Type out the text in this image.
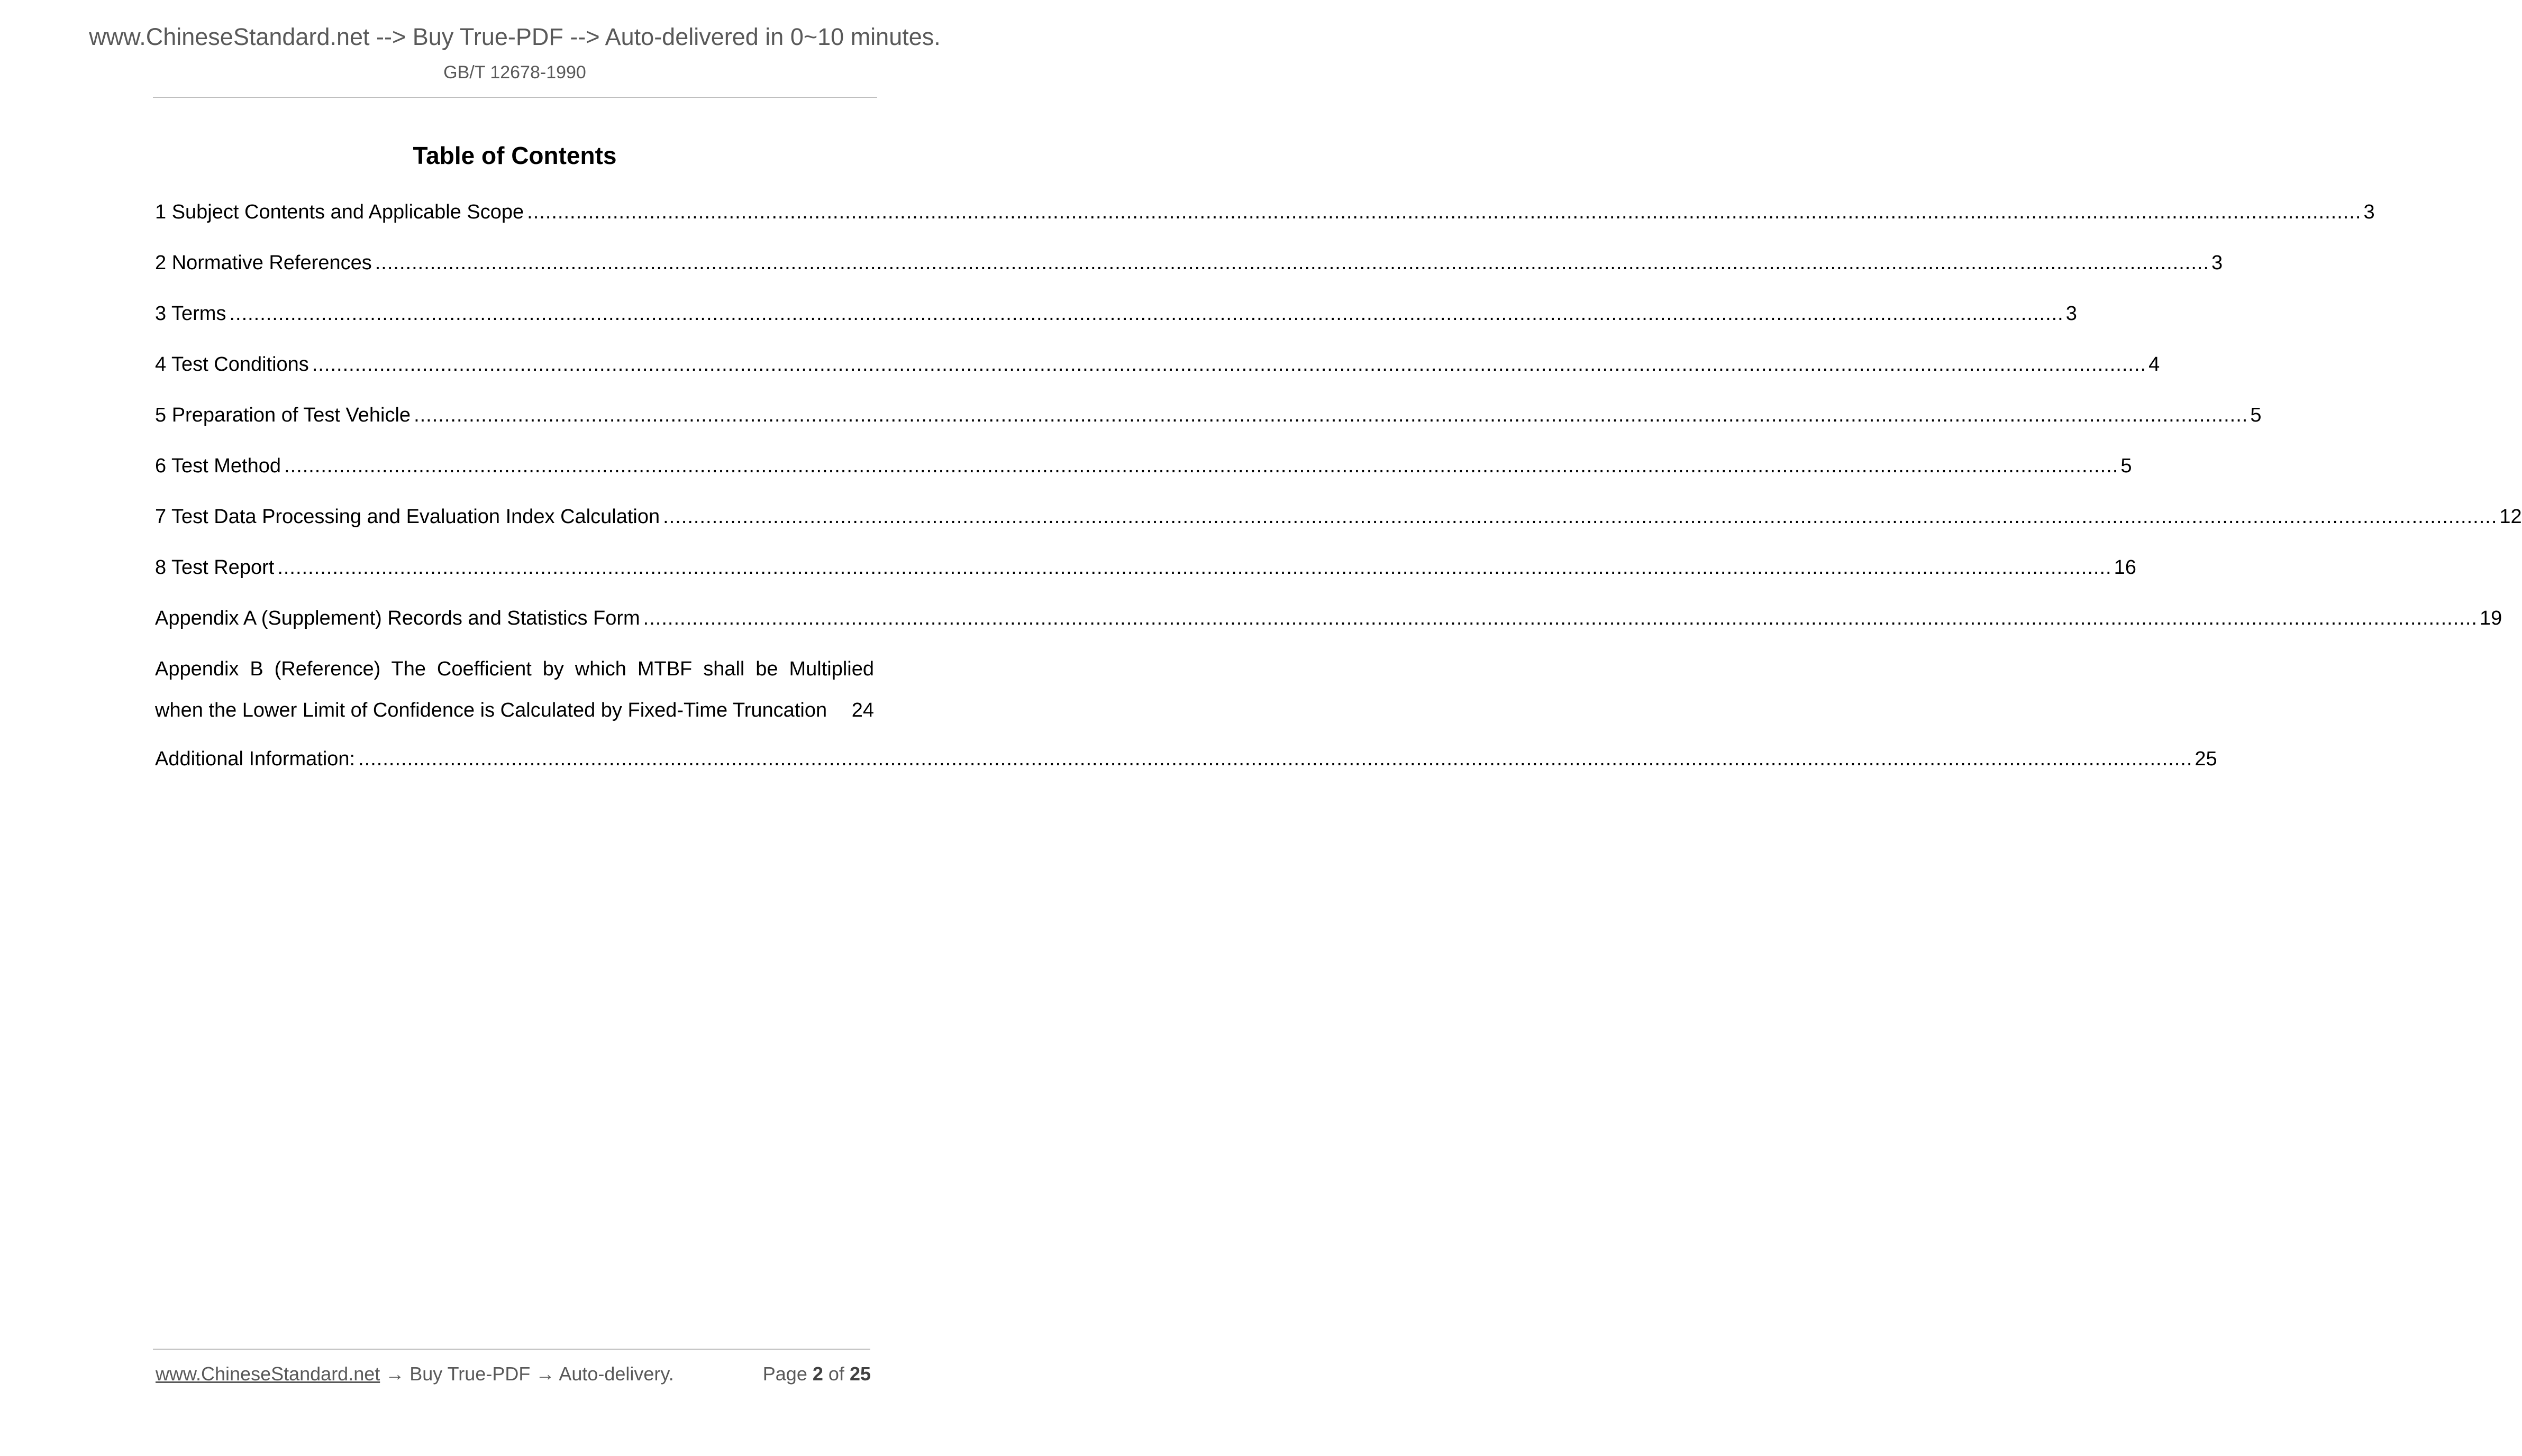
www.ChineseStandard.net --> Buy True-PDF --> Auto-delivered in 0~10 minutes.
GB/T 12678-1990
Table of Contents
1 Subject Contents and Applicable Scope ............................................................................................................................................................................................................................................................................................................ 3
2 Normative References ............................................................................................................................................................................................................................................................................................................ 3
3 Terms ............................................................................................................................................................................................................................................................................................................ 3
4 Test Conditions ............................................................................................................................................................................................................................................................................................................ 4
5 Preparation of Test Vehicle ............................................................................................................................................................................................................................................................................................................ 5
6 Test Method ............................................................................................................................................................................................................................................................................................................ 5
7 Test Data Processing and Evaluation Index Calculation ............................................................................................................................................................................................................................................................................................................ 12
8 Test Report ............................................................................................................................................................................................................................................................................................................ 16
Appendix A (Supplement) Records and Statistics Form ............................................................................................................................................................................................................................................................................................................ 19
Appendix B (Reference) The Coefficient by which MTBF shall be Multiplied
when the Lower Limit of Confidence is Calculated by Fixed-Time Truncation 24
Additional Information: ............................................................................................................................................................................................................................................................................................................ 25
www.ChineseStandard.net → Buy True-PDF → Auto-delivery.	Page 2 of 25
